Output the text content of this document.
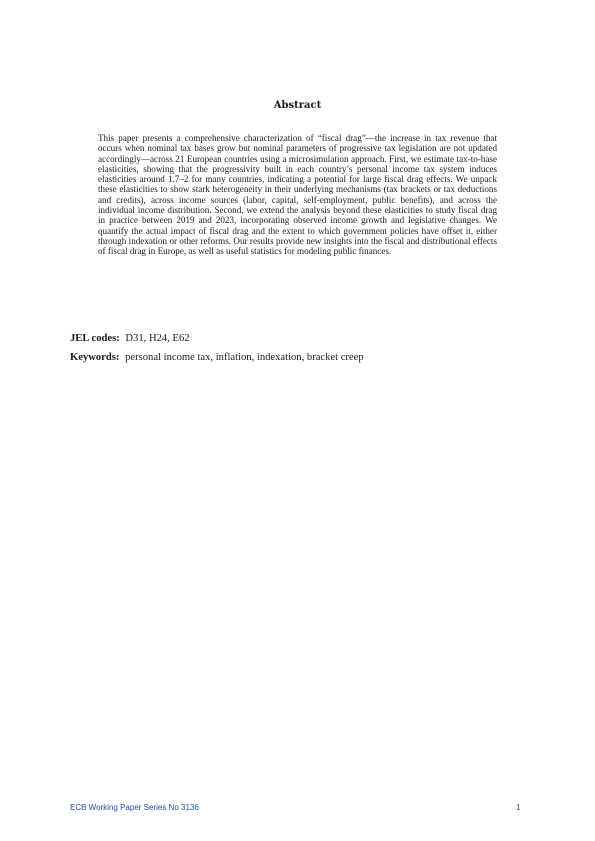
Abstract

This paper presents a comprehensive characterization of “fiscal drag”—the increase in tax revenue that occurs when nominal tax bases grow but nominal parameters of progressive tax legislation are not updated accordingly—across 21 European countries using a microsimulation approach. First, we estimate tax-to-base elasticities, showing that the progressivity built in each country’s personal income tax system induces elasticities around 1.7–2 for many countries, indicating a potential for large fiscal drag effects. We unpack these elasticities to show stark heterogeneity in their underlying mechanisms (tax brackets or tax deductions and credits), across income sources (labor, capital, self-employment, public benefits), and across the individual income distribution. Second, we extend the analysis beyond these elasticities to study fiscal drag in practice between 2019 and 2023, incorporating observed income growth and legislative changes. We quantify the actual impact of fiscal drag and the extent to which government policies have offset it, either through indexation or other reforms. Our results provide new insights into the fiscal and distributional effects of fiscal drag in Europe, as well as useful statistics for modeling public finances.

JEL codes: D31, H24, E62

Keywords: personal income tax, inflation, indexation, bracket creep

ECB Working Paper Series No 3136	1
